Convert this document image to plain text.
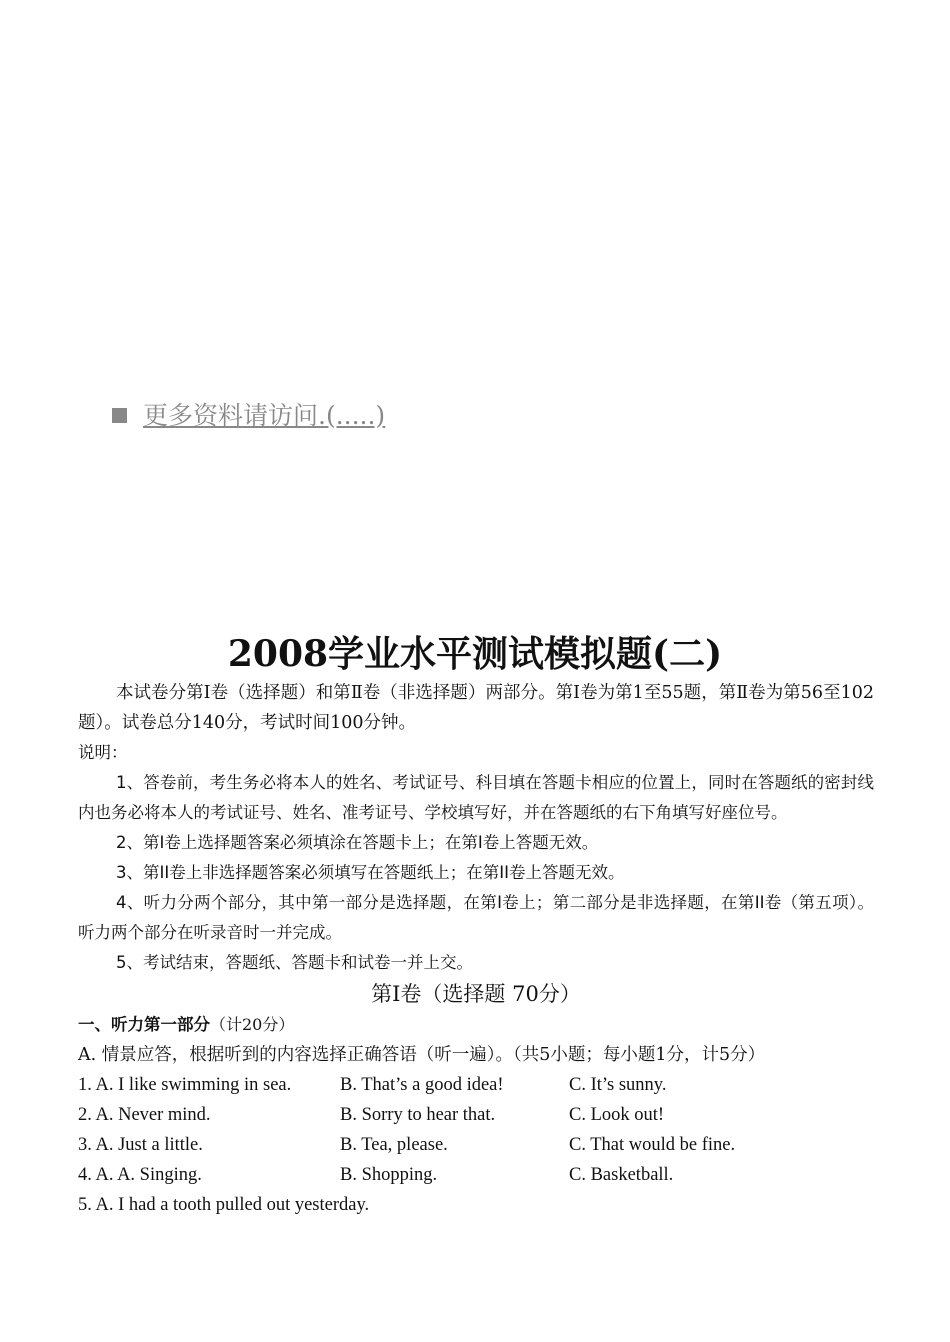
更多资料请访问.(.....)
2008学业水平测试模拟题(二)

本试卷分第Ⅰ卷（选择题）和第Ⅱ卷（非选择题）两部分。第Ⅰ卷为第1至55题，第Ⅱ卷为第56至102题）。试卷总分140分，考试时间100分钟。

说明：

1、答卷前，考生务必将本人的姓名、考试证号、科目填在答题卡相应的位置上，同时在答题纸的密封线内也务必将本人的考试证号、姓名、准考证号、学校填写好，并在答题纸的右下角填写好座位号。

2、第Ⅰ卷上选择题答案必须填涂在答题卡上；在第Ⅰ卷上答题无效。

3、第II卷上非选择题答案必须填写在答题纸上；在第II卷上答题无效。

4、听力分两个部分，其中第一部分是选择题，在第Ⅰ卷上；第二部分是非选择题，在第II卷（第五项）。听力两个部分在听录音时一并完成。

5、考试结束，答题纸、答题卡和试卷一并上交。

第I卷（选择题 70分）

一、听力第一部分（计20分）

A. 情景应答，根据听到的内容选择正确答语（听一遍）。（共5小题；每小题1分，计5分）

1. A. I like swimming in sea.	B. That’s a good idea!	C. It’s sunny.
2. A. Never mind.	B. Sorry to hear that.	C. Look out!
3. A. Just a little.	B. Tea, please.	C. That would be fine.
4. A. A. Singing.	B. Shopping.	C. Basketball.
5. A. I had a tooth pulled out yesterday.
